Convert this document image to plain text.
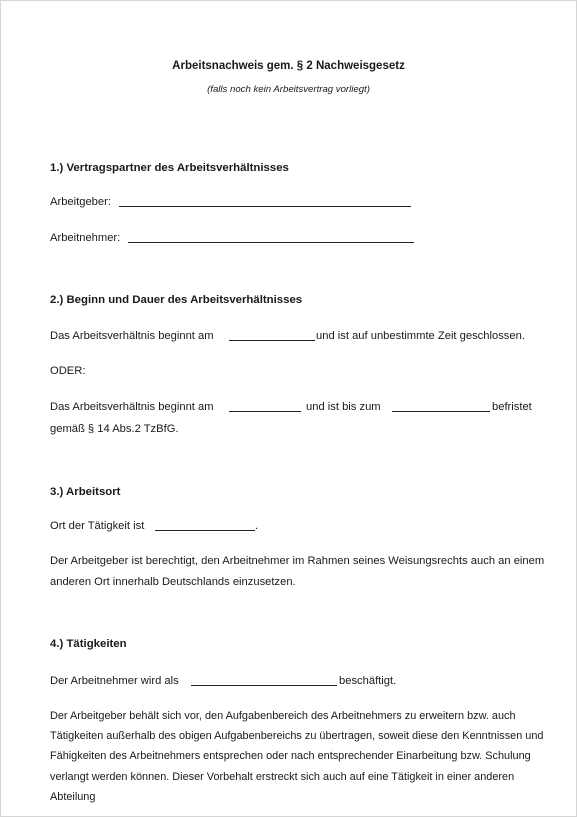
Arbeitsnachweis gem. § 2 Nachweisgesetz
(falls noch kein Arbeitsvertrag vorliegt)
1.) Vertragspartner des Arbeitsverhältnisses
Arbeitgeber:
Arbeitnehmer:
2.) Beginn und Dauer des Arbeitsverhältnisses
Das Arbeitsverhältnis beginnt am	und ist auf unbestimmte Zeit geschlossen.
ODER:
Das Arbeitsverhältnis beginnt am	und ist bis zum	befristet
gemäß § 14 Abs.2 TzBfG.
3.) Arbeitsort
Ort der Tätigkeit ist	.
Der Arbeitgeber ist berechtigt, den Arbeitnehmer im Rahmen seines Weisungsrechts auch an einem anderen Ort innerhalb Deutschlands einzusetzen.
4.) Tätigkeiten
Der Arbeitnehmer wird als	beschäftigt.
Der Arbeitgeber behält sich vor, den Aufgabenbereich des Arbeitnehmers zu erweitern bzw. auch Tätigkeiten außerhalb des obigen Aufgabenbereichs zu übertragen, soweit diese den Kenntnissen und Fähigkeiten des Arbeitnehmers entsprechen oder nach entsprechender Einarbeitung bzw. Schulung verlangt werden können. Dieser Vorbehalt erstreckt sich auch auf eine Tätigkeit in einer anderen Abteilung
